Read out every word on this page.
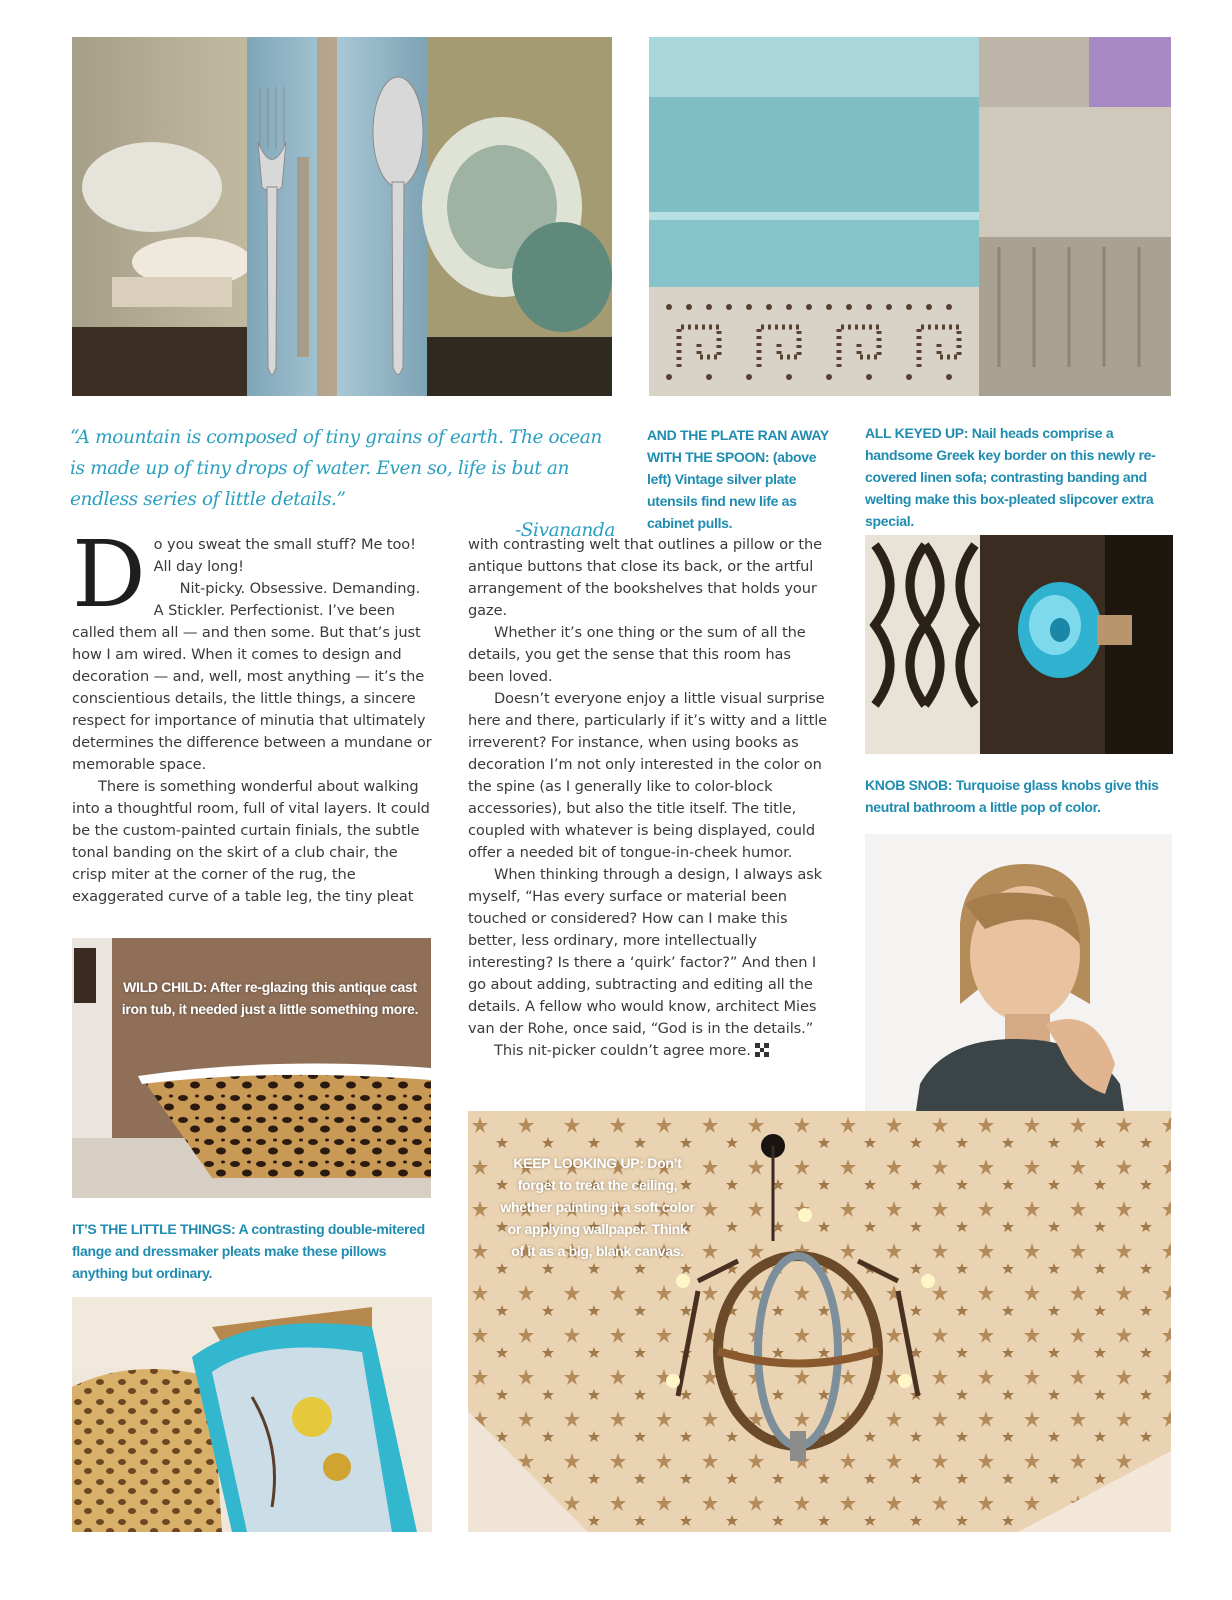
“A mountain is composed of tiny grains of earth. The ocean is made up of tiny drops of water. Even so, life is but an endless series of little details.”
-Sivananda
AND THE PLATE RAN AWAY WITH THE SPOON: (above left) Vintage silver plate utensils find new life as cabinet pulls.
ALL KEYED UP: Nail heads comprise a handsome Greek key border on this newly re-covered linen sofa; contrasting banding and welting make this box-pleated slipcover extra special.
KNOB SNOB: Turquoise glass knobs give this neutral bathroom a little pop of color.
WILD CHILD: After re-glazing this antique cast iron tub, it needed just a little something more.
IT’S THE LITTLE THINGS: A contrasting double-mitered flange and dressmaker pleats make these pillows anything but ordinary.
KEEP LOOKING UP: Don’t forget to treat the ceiling, whether painting it a soft color or applying wallpaper. Think of it as a big, blank canvas.
D o you sweat the small stuff? Me too! All day long!

Nit-picky. Obsessive. Demanding. A Stickler. Perfectionist. I’ve been called them all — and then some. But that’s just how I am wired. When it comes to design and decoration — and, well, most anything — it’s the conscientious details, the little things, a sincere respect for importance of minutia that ultimately determines the difference between a mundane or memorable space.

There is something wonderful about walking into a thoughtful room, full of vital layers. It could be the custom-painted curtain finials, the subtle tonal banding on the skirt of a club chair, the crisp miter at the corner of the rug, the exaggerated curve of a table leg, the tiny pleat

with contrasting welt that outlines a pillow or the antique buttons that close its back, or the artful arrangement of the bookshelves that holds your gaze.

Whether it’s one thing or the sum of all the details, you get the sense that this room has been loved.

Doesn’t everyone enjoy a little visual surprise here and there, particularly if it’s witty and a little irreverent? For instance, when using books as decoration I’m not only interested in the color on the spine (as I generally like to color-block accessories), but also the title itself. The title, coupled with whatever is being displayed, could offer a needed bit of tongue-in-cheek humor.

When thinking through a design, I always ask myself, “Has every surface or material been touched or considered? How can I make this better, less ordinary, more intellectually interesting? Is there a ‘quirk’ factor?” And then I go about adding, subtracting and editing all the details. A fellow who would know, architect Mies van der Rohe, once said, “God is in the details.”

This nit-picker couldn’t agree more.
